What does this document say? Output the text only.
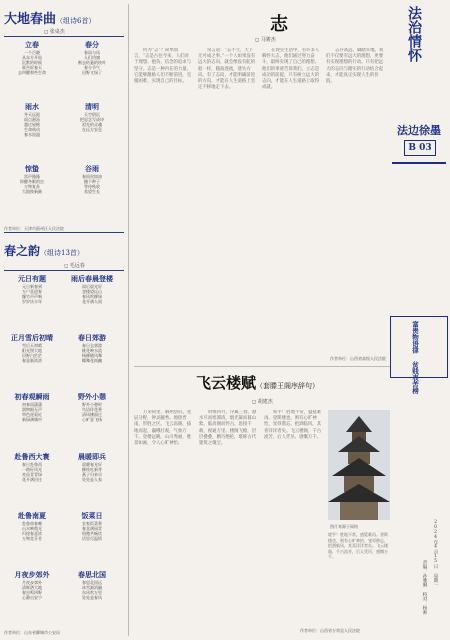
大地春曲（组诗6首）
◻ 张桌杰
立春
一个百晓
从东方开始
沉默的时候
谁告诉春天
去叫醒那些生命
春分
春雨与风
人们用旗
断去枯萎的枝叶
春分节气
田野又绿了
雨水
冬天远逝
雨点淅沥
越过屋檐
生命萌动
春水流溢
清明
天空阴沉
把思念写成诗
祖先的灵魂
在远方安息
惊蛰
雷声隆隆
惊醒冬眠的虫
万物复苏
大地换新颜
谷雨
春雨贵如油
播下种子
等待秋收
希望生长
作者单位：天津市蓟州区人民法院
春之韵（组诗13首）
◻ 毛远春
元日有题
元日新春到
万户喜迎春
爆竹声声响
岁岁庆丰年
雨后春晨登楼
雨后晨光好
登楼望远山
春风吹柳绿
花开满人间
正月雪后初晴
雪后天初晴
阳光照大地
田野白茫茫
春意渐浓浓
春日郊游
春日去郊游
桃花映水流
杨柳随风舞
蝶舞花间幽
初春观瞬雨
初春雨潇潇
润物细无声
草色遥看近
新绿满城中
野外小憩
野外小憩时
鸟语伴花香
清风拂面过
心旷意飞扬
赴鲁西大寰
春日赴鲁西
一路好风光
麦苗青青绿
花开满田庄
晨暖即兵
晨暖春光好
柳枝吐新芽
燕子归来早
处处是人家
赴鲁南夏
赴鲁南春晚
山水映霞光
归途春意浓
万物竞芬芳
饭菜日
农家饭菜香
春韭满园青
相邀共畅饮
话里尽温情
月夜步郊外
月夜步郊外
清辉洒大地
春虫鸣四野
心静自安宁
春思北国
春思北国远
冰雪渐消融
东风吹万里
处处是春风
作者单位：山东省聊城市公安局
志
◻ 马骏杰

何为“志”？简单而言，“志是古往今来，人们对于理想、抱负、信念的追求与坚守。志是一种内在的力量，它能够激励人们不断前进，克服困难，实现自己的目标。

常言道：“志不立，天下无可成之事。”一个人如果没有远大的志向，就会像没有舵的船一样，随波逐流，迷失方向。有了志向，才能明确前进的方向，才能在人生道路上坚定不移地走下去。

在现实生活中，有许多人胸怀大志，他们通过努力奋斗，最终实现了自己的理想。他们的事迹告诉我们，立志是成功的前提，只有树立远大的志向，才能在人生道路上取得成就。

志存高远，脚踏实地。我们不仅要有远大的理想，更要有实现理想的行动。只有把远大的志向与踏实的行动结合起来，才能真正实现人生的价值。

作者单位：山西省高级人民法院
法治情怀
法边徐墨
B 03
富贵物语律 贫贱表苦榜
2024年4月15日 星期一
责编：孙雅琳 校对：杨帅
飞云楼赋（套滕王阁序辞句）
◻ 胡建杰

万荣故里，解州县府。星辰分野，钟灵毓秀。地接晋南，形胜之区。飞云高阁，拔地而起，巍峨壮观，气象万千。登楼远眺，山川秀丽，胜景如画，令人心旷神怡。

时维四月，序属三春。潦水尽而寒潭清，烟光凝而暮山紫。临高阁而怀古，思接千载，视通万里。楼阁飞檐，层层叠叠，精巧绝伦，堪称古代建筑之瑰宝。

嗟乎！胜地不常，盛筵难再。登斯楼也，则有心旷神怡，宠辱偕忘，把酒临风，其喜洋洋者矣。飞云楼阁，千古流芳，后人凭吊，感慨万千。

图片来源于网络

嗟乎！胜地不常，盛筵难再。登斯楼也，则有心旷神怡，宠辱偕忘，把酒临风，其喜洋洋者矣。飞云楼阁，千古流芳，后人凭吊，感慨万千。

作者单位：山西省万荣县人民法院
